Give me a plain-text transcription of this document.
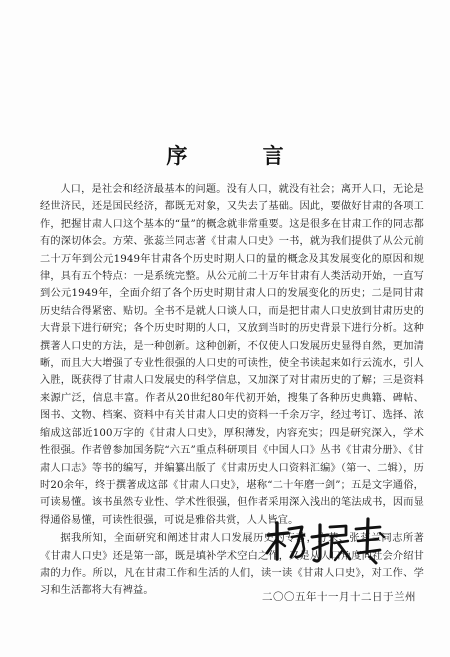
序 言

人口，是社会和经济最基本的问题。没有人口，就没有社会；离开人口，无论是经世济民，还是国民经济，都既无对象，又失去了基础。因此，要做好甘肃的各项工作，把握甘肃人口这个基本的“量”的概念就非常重要。这是很多在甘肃工作的同志都有的深切体会。方荣、张蕊兰同志著《甘肃人口史》一书，就为我们提供了从公元前二十万年到公元1949年甘肃各个历史时期人口的量的概念及其发展变化的原因和规律，具有五个特点：一是系统完整。从公元前二十万年甘肃有人类活动开始，一直写到公元1949年，全面介绍了各个历史时期甘肃人口的发展变化的历史；二是同甘肃历史结合得紧密、贴切。全书不是就人口谈人口，而是把甘肃人口史放到甘肃历史的大背景下进行研究；各个历史时期的人口，又放到当时的历史背景下进行分析。这种撰著人口史的方法，是一种创新。这种创新，不仅使人口发展历史显得自然，更加清晰，而且大大增强了专业性很强的人口史的可读性，使全书读起来如行云流水，引人入胜，既获得了甘肃人口发展史的科学信息，又加深了对甘肃历史的了解；三是资料来源广泛，信息丰富。作者从20世纪80年代初开始，搜集了各种历史典籍、碑帖、图书、文物、档案、资料中有关甘肃人口史的资料一千余万字，经过考订、选择、浓缩成这部近100万字的《甘肃人口史》，厚积薄发，内容充实；四是研究深入，学术性很强。作者曾参加国务院“六五”重点科研项目《中国人口》丛书《甘肃分册》、《甘肃人口志》等书的编写，并编纂出版了《甘肃历史人口资料汇编》（第一、二辑），历时20余年，终于撰著成这部《甘肃人口史》，堪称“二十年磨一剑”；五是文字通俗，可读易懂。该书虽然专业性、学术性很强，但作者采用深入浅出的笔法成书，因而显得通俗易懂，可读性很强，可说是雅俗共赏，人人皆宜。

据我所知，全面研究和阐述甘肃人口发展历史的专著，方荣、张蕊兰同志所著《甘肃人口史》还是第一部，既是填补学术空白之作，又是从人口角度向社会介绍甘肃的力作。所以，凡在甘肃工作和生活的人们，读一读《甘肃人口史》，对工作、学习和生活都将大有裨益。

二〇〇五年十一月十二日于兰州
